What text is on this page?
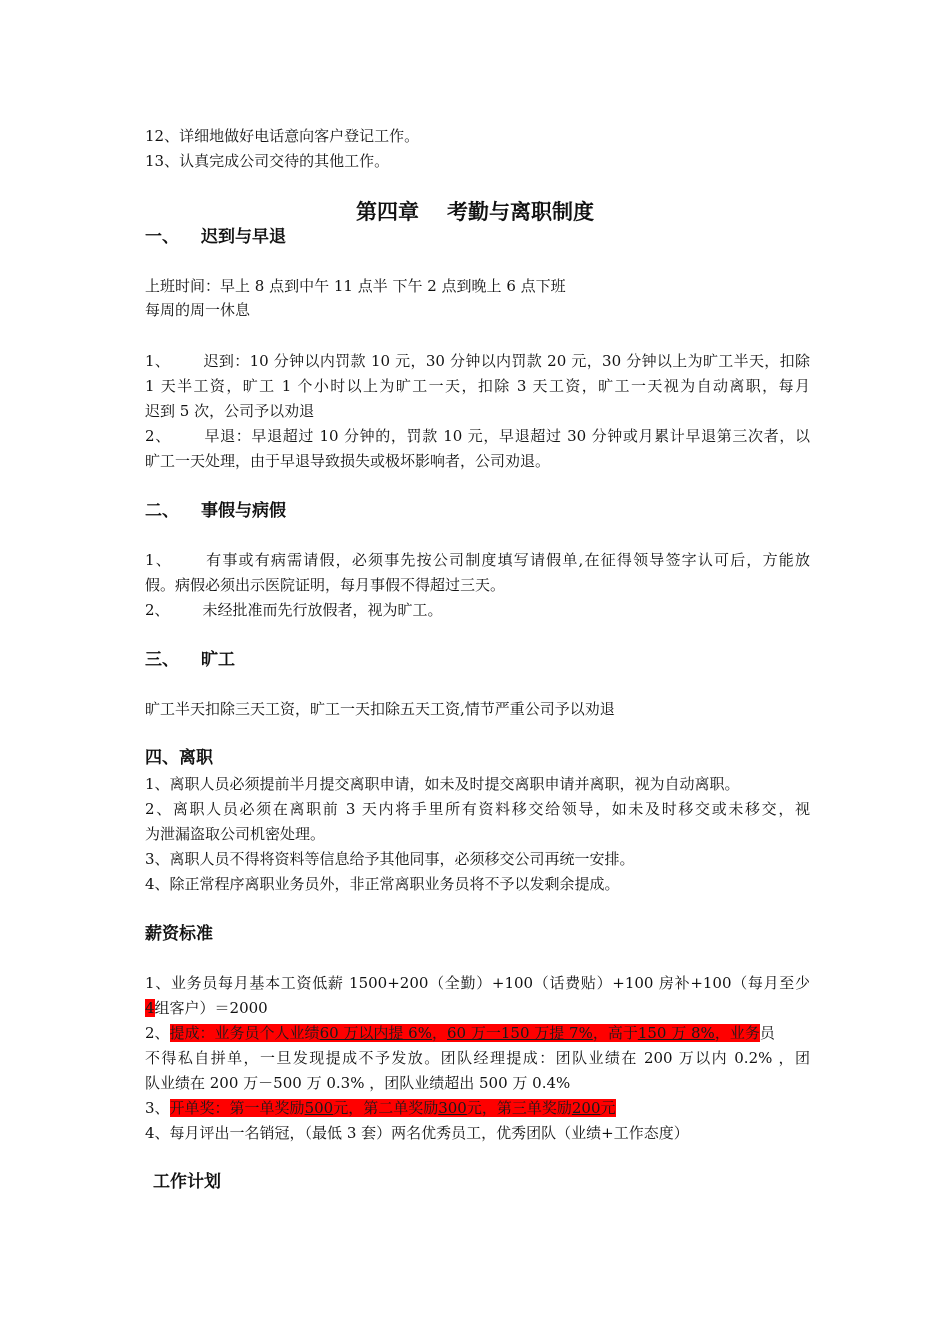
12、详细地做好电话意向客户登记工作。
13、认真完成公司交待的其他工作。
第四章 考勤与离职制度
一、 迟到与早退
上班时间：早上 8 点到中午 11 点半 下午 2 点到晚上 6 点下班
每周的周一休息
1、 迟到：10 分钟以内罚款 10 元，30 分钟以内罚款 20 元，30 分钟以上为旷工半天，扣除
1 天半工资，旷工 1 个小时以上为旷工一天，扣除 3 天工资，旷工一天视为自动离职，每月
迟到 5 次，公司予以劝退
2、 早退：早退超过 10 分钟的，罚款 10 元，早退超过 30 分钟或月累计早退第三次者，以
旷工一天处理，由于早退导致损失或极坏影响者，公司劝退。
二、 事假与病假
1、 有事或有病需请假，必须事先按公司制度填写请假单,在征得领导签字认可后，方能放
假。病假必须出示医院证明，每月事假不得超过三天。
2、 未经批准而先行放假者，视为旷工。
三、 旷工
旷工半天扣除三天工资，旷工一天扣除五天工资,情节严重公司予以劝退
四、离职
1、离职人员必须提前半月提交离职申请，如未及时提交离职申请并离职，视为自动离职。
2、离职人员必须在离职前 3 天内将手里所有资料移交给领导，如未及时移交或未移交，视
为泄漏盗取公司机密处理。
3、离职人员不得将资料等信息给予其他同事，必须移交公司再统一安排。
4、除正常程序离职业务员外，非正常离职业务员将不予以发剩余提成。
薪资标准
1、业务员每月基本工资低薪 1500+200（全勤）+100（话费贴）+100 房补+100（每月至少
4组客户）＝2000
2、提成：业务员个人业绩60 万以内提 6%，60 万一150 万提 7%，高于150 万 8%，业务员
不得私自拼单，一旦发现提成不予发放。团队经理提成：团队业绩在 200 万以内 0.2% ，团
队业绩在 200 万－500 万 0.3% ，团队业绩超出 500 万 0.4%
3、开单奖：第一单奖励500元，第二单奖励300元，第三单奖励200元
4、每月评出一名销冠，（最低 3 套）两名优秀员工，优秀团队（业绩+工作态度）
工作计划
